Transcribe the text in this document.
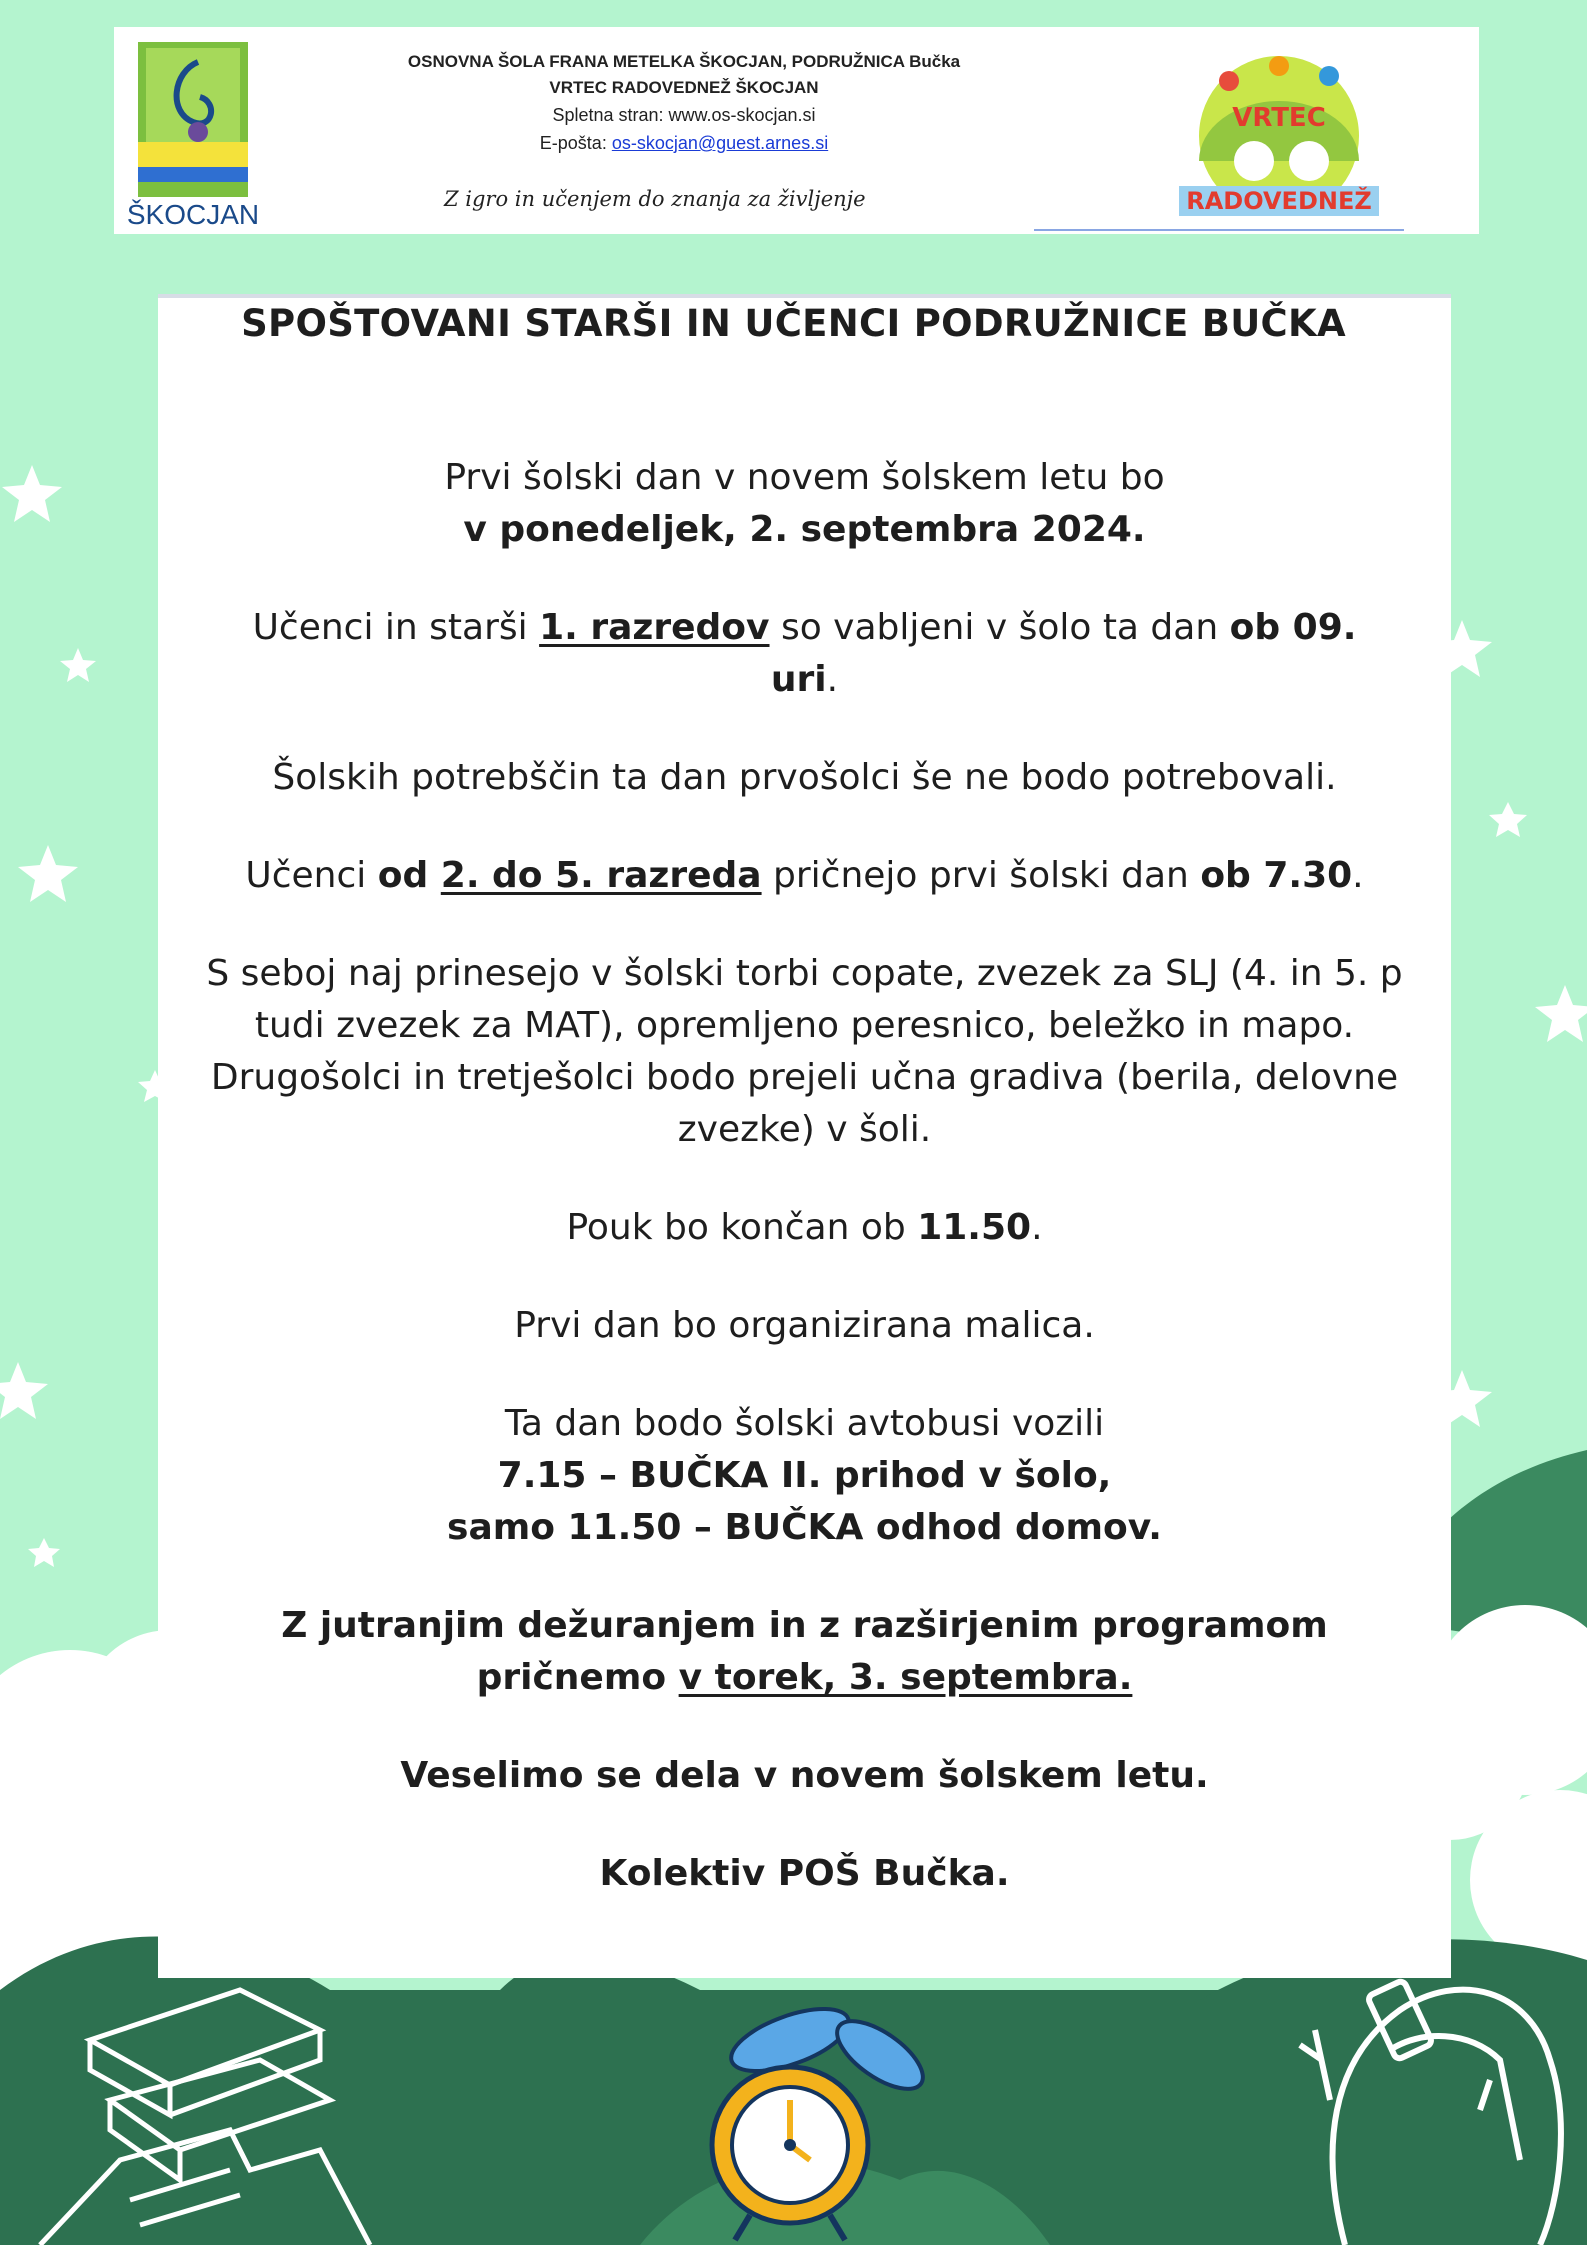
ŠKOCJAN
OSNOVNA ŠOLA FRANA METELKA ŠKOCJAN, PODRUŽNICA Bučka
VRTEC RADOVEDNEŽ ŠKOCJAN
Spletna stran: www.os-skocjan.si
E-pošta: os-skocjan@guest.arnes.si
Z igro in učenjem do znanja za življenje
VRTEC
RADOVEDNEŽ
SPOŠTOVANI STARŠI IN UČENCI PODRUŽNICE BUČKA

Prvi šolski dan v novem šolskem letu bo
v ponedeljek, 2. septembra 2024.

Učenci in starši 1. razredov so vabljeni v šolo ta dan ob 09. uri.

Šolskih potrebščin ta dan prvošolci še ne bodo potrebovali.

Učenci od 2. do 5. razreda pričnejo prvi šolski dan ob 7.30.

S seboj naj prinesejo v šolski torbi copate, zvezek za SLJ (4. in 5. p tudi zvezek za MAT), opremljeno peresnico, beležko in mapo. Drugošolci in tretješolci bodo prejeli učna gradiva (berila, delovne zvezke) v šoli.

Pouk bo končan ob 11.50.

Prvi dan bo organizirana malica.

Ta dan bodo šolski avtobusi vozili
7.15 – BUČKA II. prihod v šolo,
samo 11.50 – BUČKA odhod domov.

Z jutranjim dežuranjem in z razširjenim programom
pričnemo v torek, 3. septembra.

Veselimo se dela v novem šolskem letu.

Kolektiv POŠ Bučka.
